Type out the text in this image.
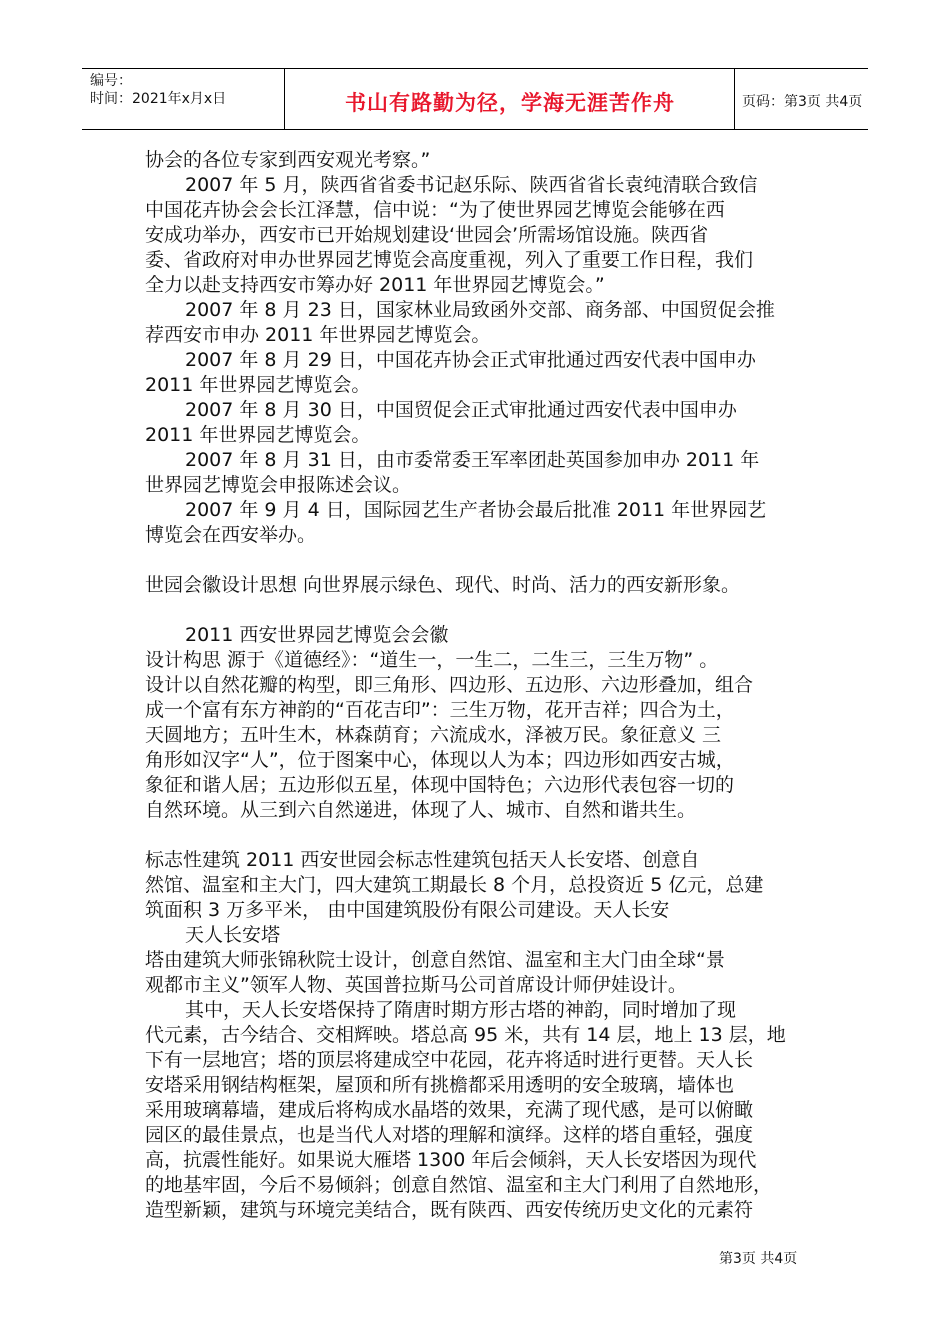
编号：
时间：2021年x月x日	书山有路勤为径，学海无涯苦作舟	页码：第3页 共4页

协会的各位专家到西安观光考察。”

2007 年 5 月，陕西省省委书记赵乐际、陕西省省长袁纯清联合致信

中国花卉协会会长江泽慧，信中说：“为了使世界园艺博览会能够在西

安成功举办，西安市已开始规划建设‘世园会’所需场馆设施。陕西省

委、省政府对申办世界园艺博览会高度重视，列入了重要工作日程，我们

全力以赴支持西安市筹办好 2011 年世界园艺博览会。”

2007 年 8 月 23 日，国家林业局致函外交部、商务部、中国贸促会推

荐西安市申办 2011 年世界园艺博览会。

2007 年 8 月 29 日，中国花卉协会正式审批通过西安代表中国申办

2011 年世界园艺博览会。

2007 年 8 月 30 日，中国贸促会正式审批通过西安代表中国申办

2011 年世界园艺博览会。

2007 年 8 月 31 日，由市委常委王军率团赴英国参加申办 2011 年

世界园艺博览会申报陈述会议。

2007 年 9 月 4 日，国际园艺生产者协会最后批准 2011 年世界园艺

博览会在西安举办。

世园会徽设计思想 向世界展示绿色、现代、时尚、活力的西安新形象。

2011 西安世界园艺博览会会徽

设计构思 源于《道德经》：“道生一，一生二，二生三，三生万物” 。

设计以自然花瓣的构型，即三角形、四边形、五边形、六边形叠加，组合

成一个富有东方神韵的“百花吉印”：三生万物，花开吉祥；四合为土，

天圆地方；五叶生木，林森荫育；六流成水，泽被万民。象征意义 三

角形如汉字“人”，位于图案中心，体现以人为本；四边形如西安古城，

象征和谐人居；五边形似五星，体现中国特色；六边形代表包容一切的

自然环境。从三到六自然递进，体现了人、城市、自然和谐共生。

标志性建筑 2011 西安世园会标志性建筑包括天人长安塔、创意自

然馆、温室和主大门，四大建筑工期最长 8 个月，总投资近 5 亿元，总建

筑面积 3 万多平米， 由中国建筑股份有限公司建设。天人长安

天人长安塔

塔由建筑大师张锦秋院士设计，创意自然馆、温室和主大门由全球“景

观都市主义”领军人物、英国普拉斯马公司首席设计师伊娃设计。

其中，天人长安塔保持了隋唐时期方形古塔的神韵，同时增加了现

代元素，古今结合、交相辉映。塔总高 95 米，共有 14 层，地上 13 层，地

下有一层地宫；塔的顶层将建成空中花园，花卉将适时进行更替。天人长

安塔采用钢结构框架，屋顶和所有挑檐都采用透明的安全玻璃，墙体也

采用玻璃幕墙，建成后将构成水晶塔的效果，充满了现代感，是可以俯瞰

园区的最佳景点，也是当代人对塔的理解和演绎。这样的塔自重轻，强度

高，抗震性能好。如果说大雁塔 1300 年后会倾斜，天人长安塔因为现代

的地基牢固，今后不易倾斜；创意自然馆、温室和主大门利用了自然地形，

造型新颖，建筑与环境完美结合，既有陕西、西安传统历史文化的元素符

第3页 共4页
